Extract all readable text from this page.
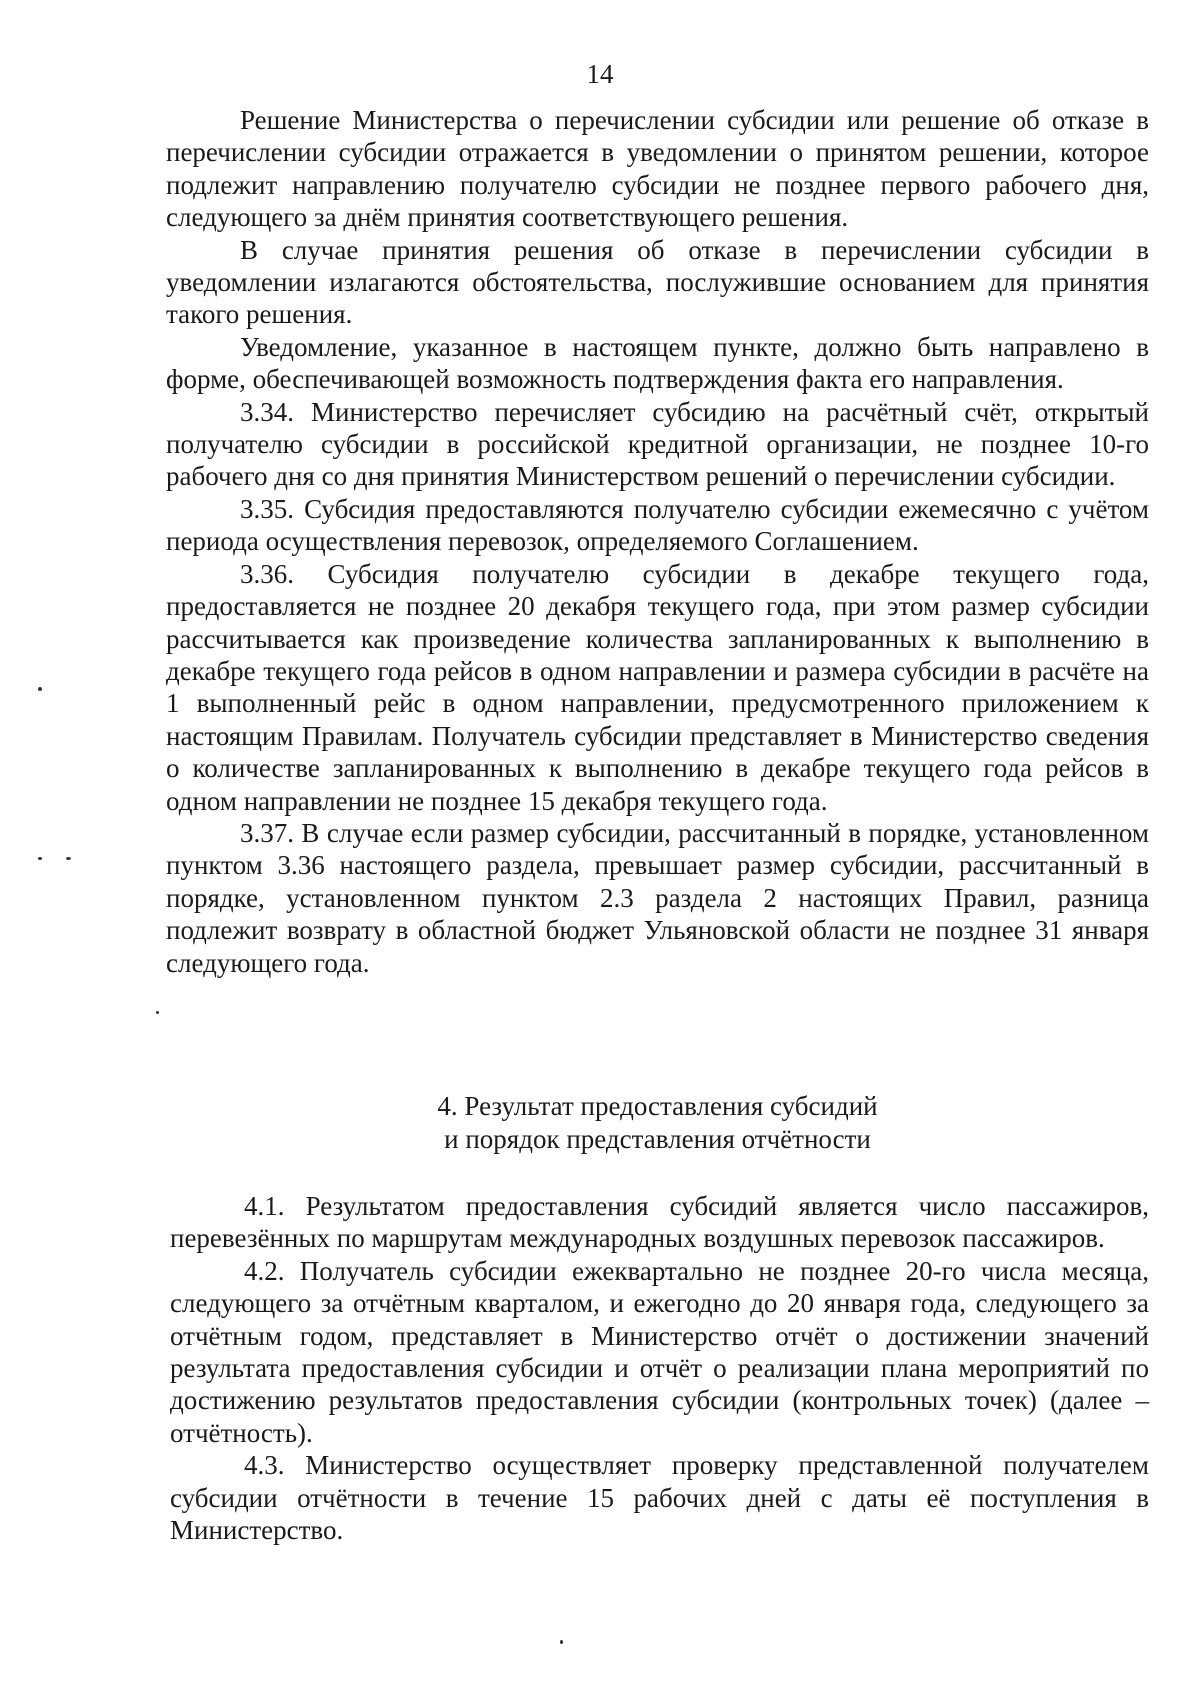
14

Решение Министерства о перечислении субсидии или решение об отказе в перечислении субсидии отражается в уведомлении о принятом решении, которое подлежит направлению получателю субсидии не позднее первого рабочего дня, следующего за днём принятия соответствующего решения.

В случае принятия решения об отказе в перечислении субсидии в уведомлении излагаются обстоятельства, послужившие основанием для принятия такого решения.

Уведомление, указанное в настоящем пункте, должно быть направлено в форме, обеспечивающей возможность подтверждения факта его направления.

3.34. Министерство перечисляет субсидию на расчётный счёт, открытый получателю субсидии в российской кредитной организации, не позднее 10-го рабочего дня со дня принятия Министерством решений о перечислении субсидии.

3.35. Субсидия предоставляются получателю субсидии ежемесячно с учётом периода осуществления перевозок, определяемого Соглашением.

3.36. Субсидия получателю субсидии в декабре текущего года, предоставляется не позднее 20 декабря текущего года, при этом размер субсидии рассчитывается как произведение количества запланированных к выполнению в декабре текущего года рейсов в одном направлении и размера субсидии в расчёте на 1 выполненный рейс в одном направлении, предусмотренного приложением к настоящим Правилам. Получатель субсидии представляет в Министерство сведения о количестве запланированных к выполнению в декабре текущего года рейсов в одном направлении не позднее 15 декабря текущего года.

3.37. В случае если размер субсидии, рассчитанный в порядке, установленном пунктом 3.36 настоящего раздела, превышает размер субсидии, рассчитанный в порядке, установленном пунктом 2.3 раздела 2 настоящих Правил, разница подлежит возврату в областной бюджет Ульяновской области не позднее 31 января следующего года.

4. Результат предоставления субсидий
и порядок представления отчётности

4.1. Результатом предоставления субсидий является число пассажиров, перевезённых по маршрутам международных воздушных перевозок пассажиров.

4.2. Получатель субсидии ежеквартально не позднее 20-го числа месяца, следующего за отчётным кварталом, и ежегодно до 20 января года, следующего за отчётным годом, представляет в Министерство отчёт о достижении значений результата предоставления субсидии и отчёт о реализации плана мероприятий по достижению результатов предоставления субсидии (контрольных точек) (далее – отчётность).

4.3. Министерство осуществляет проверку представленной получателем субсидии отчётности в течение 15 рабочих дней с даты её поступления в Министерство.
